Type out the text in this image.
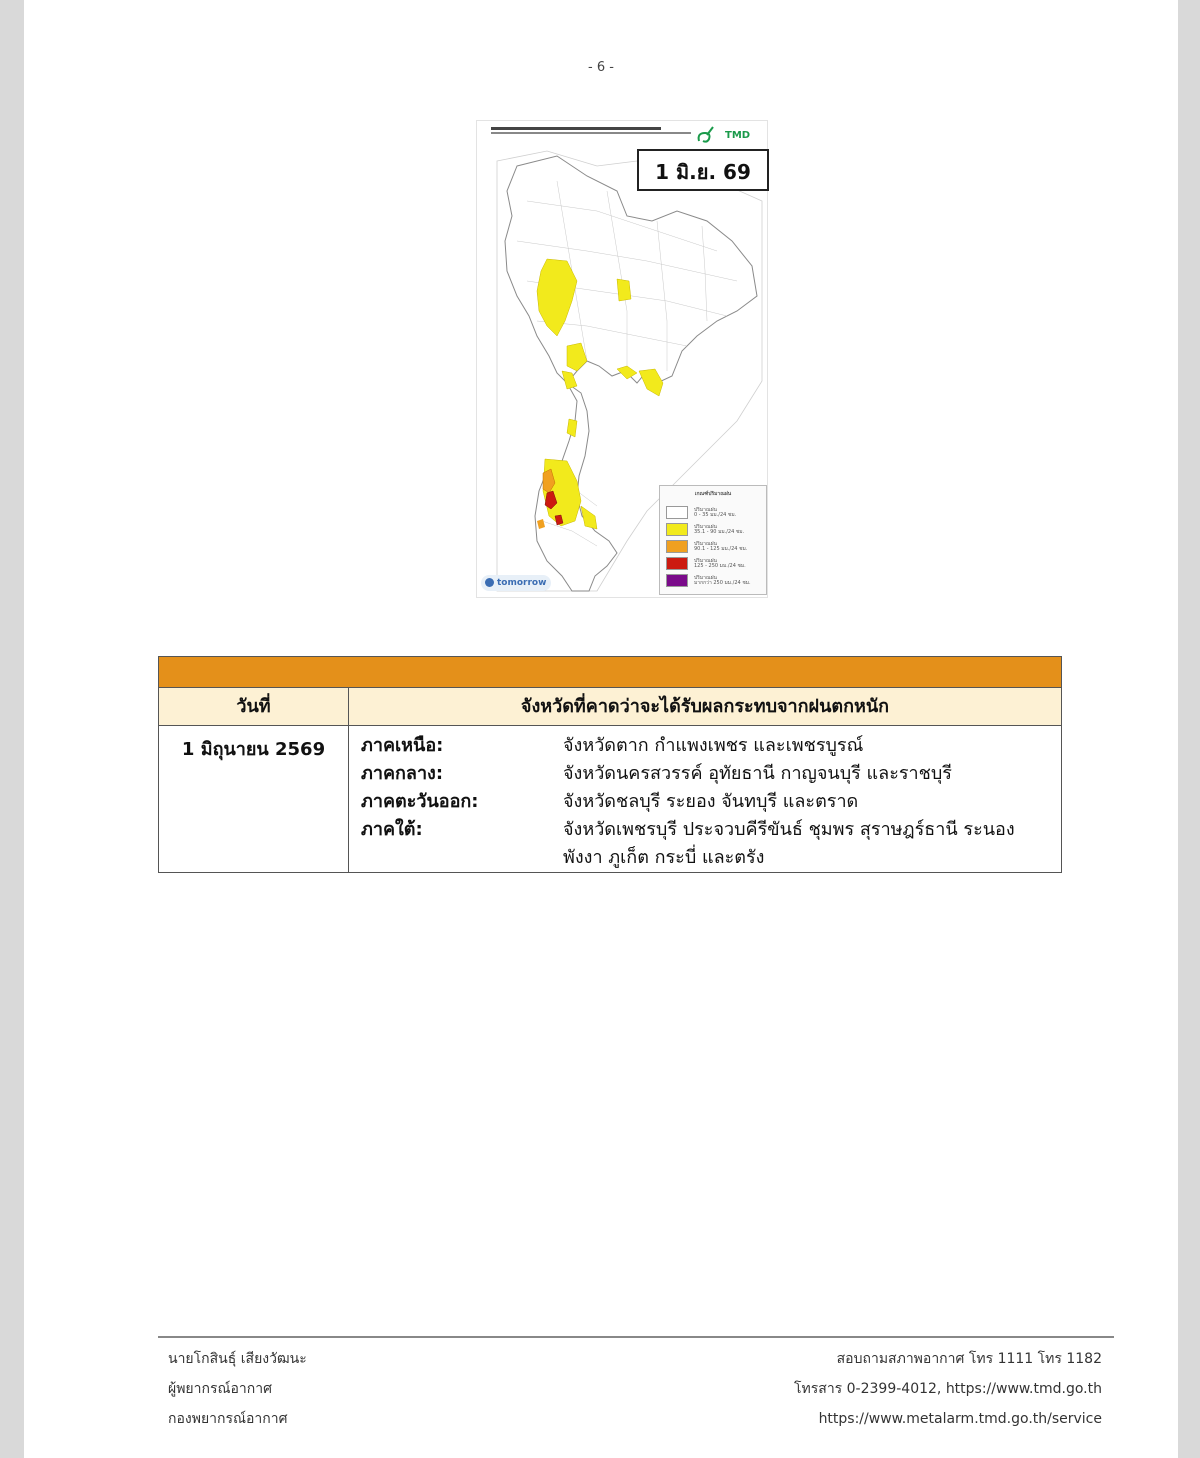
- 6 -
TMD
1 มิ.ย. 69
เกณฑ์ปริมาณฝน
ปริมาณฝน
0 - 35 มม./24 ชม.
ปริมาณฝน
35.1 - 90 มม./24 ชม.
ปริมาณฝน
90.1 - 125 มม./24 ชม.
ปริมาณฝน
125 - 250 มม./24 ชม.
ปริมาณฝน
มากกว่า 250 มม./24 ชม.
tomorrow
วันที่	จังหวัดที่คาดว่าจะได้รับผลกระทบจากฝนตกหนัก
1 มิถุนายน 2569	ภาคเหนือ:	จังหวัดตาก กำแพงเพชร และเพชรบูรณ์
ภาคกลาง:	จังหวัดนครสวรรค์ อุทัยธานี กาญจนบุรี และราชบุรี
ภาคตะวันออก:	จังหวัดชลบุรี ระยอง จันทบุรี และตราด
ภาคใต้:	จังหวัดเพชรบุรี ประจวบคีรีขันธ์ ชุมพร สุราษฎร์ธานี ระนอง พังงา ภูเก็ต กระบี่ และตรัง
นายโกสินธุ์ เสียงวัฒนะ
ผู้พยากรณ์อากาศ
กองพยากรณ์อากาศ
สอบถามสภาพอากาศ โทร 1111 โทร 1182
โทรสาร 0-2399-4012, https://www.tmd.go.th
https://www.metalarm.tmd.go.th/service
